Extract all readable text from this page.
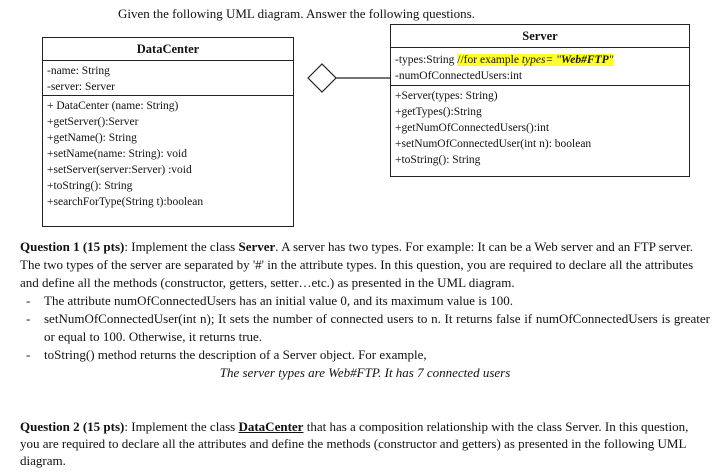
Given the following UML diagram. Answer the following questions.
DataCenter
-name: String
-server: Server
+ DataCenter (name: String)
+getServer():Server
+getName(): String
+setName(name: String): void
+setServer(server:Server) :void
+toString(): String
+searchForType(String t):boolean
Server
-types:String //for example types= "Web#FTP"
-numOfConnectedUsers:int
+Server(types: String)
+getTypes():String
+getNumOfConnectedUsers():int
+setNumOfConnectedUser(int n): boolean
+toString(): String

Question 1 (15 pts): Implement the class Server. A server has two types. For example: It can be a Web server and an FTP server. The two types of the server are separated by '#' in the attribute types. In this question, you are required to declare all the attributes and define all the methods (constructor, getters, setter…etc.) as presented in the UML diagram.

- The attribute numOfConnectedUsers has an initial value 0, and its maximum value is 100.
- setNumOfConnectedUser(int n); It sets the number of connected users to n. It returns false if numOfConnectedUsers is greater or equal to 100. Otherwise, it returns true.
- toString() method returns the description of a Server object. For example,
The server types are Web#FTP. It has 7 connected users

Question 2 (15 pts): Implement the class DataCenter that has a composition relationship with the class Server. In this question, you are required to declare all the attributes and define the methods (constructor and getters) as presented in the following UML diagram.
